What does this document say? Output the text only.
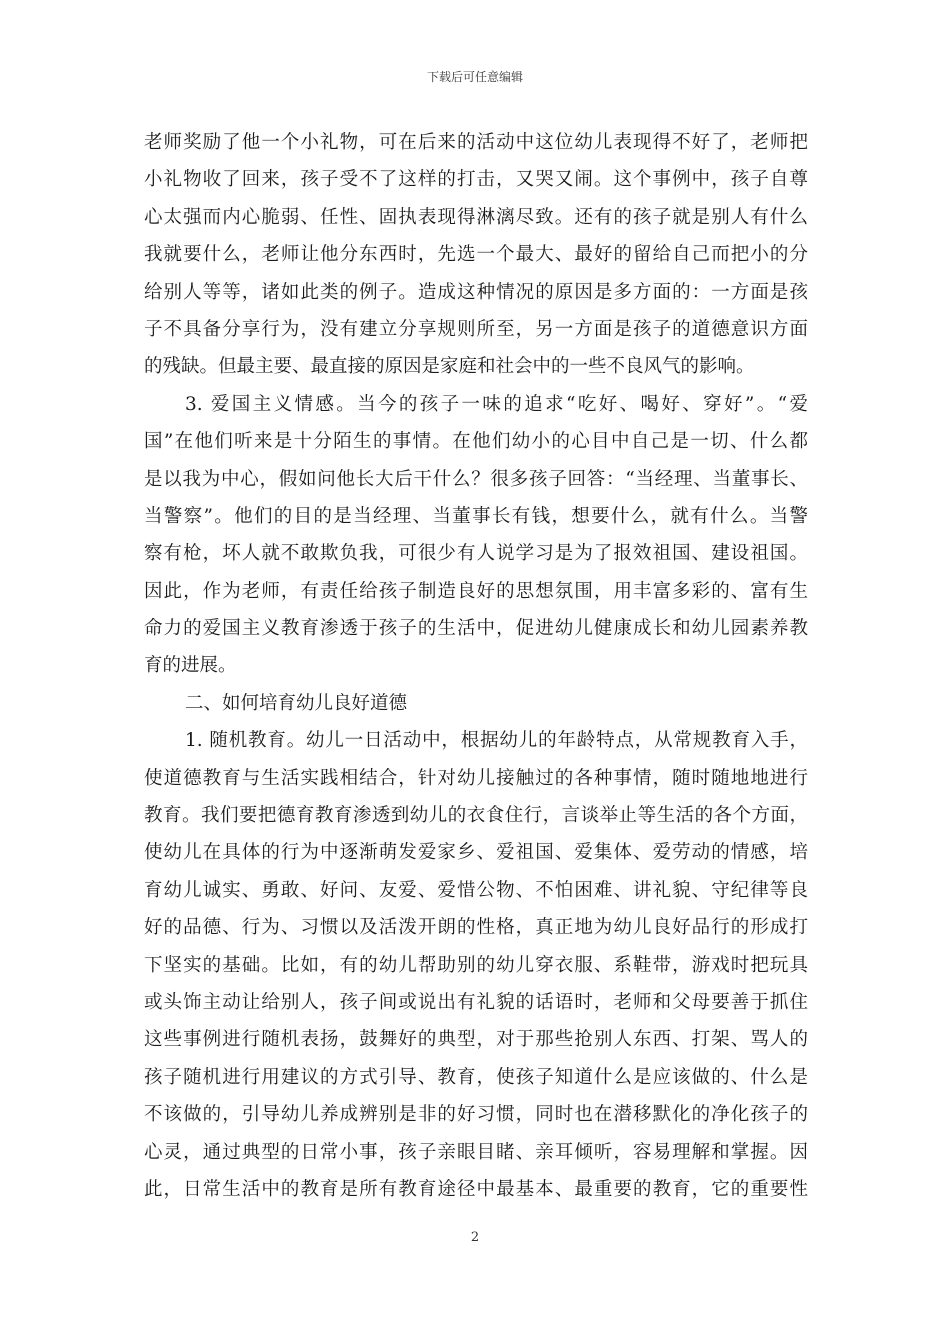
下载后可任意编辑
老师奖励了他一个小礼物，可在后来的活动中这位幼儿表现得不好了，老师把
小礼物收了回来，孩子受不了这样的打击，又哭又闹。这个事例中，孩子自尊
心太强而内心脆弱、任性、固执表现得淋漓尽致。还有的孩子就是别人有什么
我就要什么，老师让他分东西时，先选一个最大、最好的留给自己而把小的分
给别人等等，诸如此类的例子。造成这种情况的原因是多方面的：一方面是孩
子不具备分享行为，没有建立分享规则所至，另一方面是孩子的道德意识方面
的残缺。但最主要、最直接的原因是家庭和社会中的一些不良风气的影响。
3. 爱国主义情感。当今的孩子一味的追求“吃好、喝好、穿好”。“爱
国”在他们听来是十分陌生的事情。在他们幼小的心目中自己是一切、什么都
是以我为中心，假如问他长大后干什么？很多孩子回答：“当经理、当董事长、
当警察”。他们的目的是当经理、当董事长有钱，想要什么，就有什么。当警
察有枪，坏人就不敢欺负我，可很少有人说学习是为了报效祖国、建设祖国。
因此，作为老师，有责任给孩子制造良好的思想氛围，用丰富多彩的、富有生
命力的爱国主义教育渗透于孩子的生活中，促进幼儿健康成长和幼儿园素养教
育的进展。
二、如何培育幼儿良好道德
1. 随机教育。幼儿一日活动中，根据幼儿的年龄特点，从常规教育入手，
使道德教育与生活实践相结合，针对幼儿接触过的各种事情，随时随地地进行
教育。我们要把德育教育渗透到幼儿的衣食住行，言谈举止等生活的各个方面，
使幼儿在具体的行为中逐渐萌发爱家乡、爱祖国、爱集体、爱劳动的情感，培
育幼儿诚实、勇敢、好问、友爱、爱惜公物、不怕困难、讲礼貌、守纪律等良
好的品德、行为、习惯以及活泼开朗的性格，真正地为幼儿良好品行的形成打
下坚实的基础。比如，有的幼儿帮助别的幼儿穿衣服、系鞋带，游戏时把玩具
或头饰主动让给别人，孩子间或说出有礼貌的话语时，老师和父母要善于抓住
这些事例进行随机表扬，鼓舞好的典型，对于那些抢别人东西、打架、骂人的
孩子随机进行用建议的方式引导、教育，使孩子知道什么是应该做的、什么是
不该做的，引导幼儿养成辨别是非的好习惯，同时也在潜移默化的净化孩子的
心灵，通过典型的日常小事，孩子亲眼目睹、亲耳倾听，容易理解和掌握。因
此，日常生活中的教育是所有教育途径中最基本、最重要的教育，它的重要性
2
